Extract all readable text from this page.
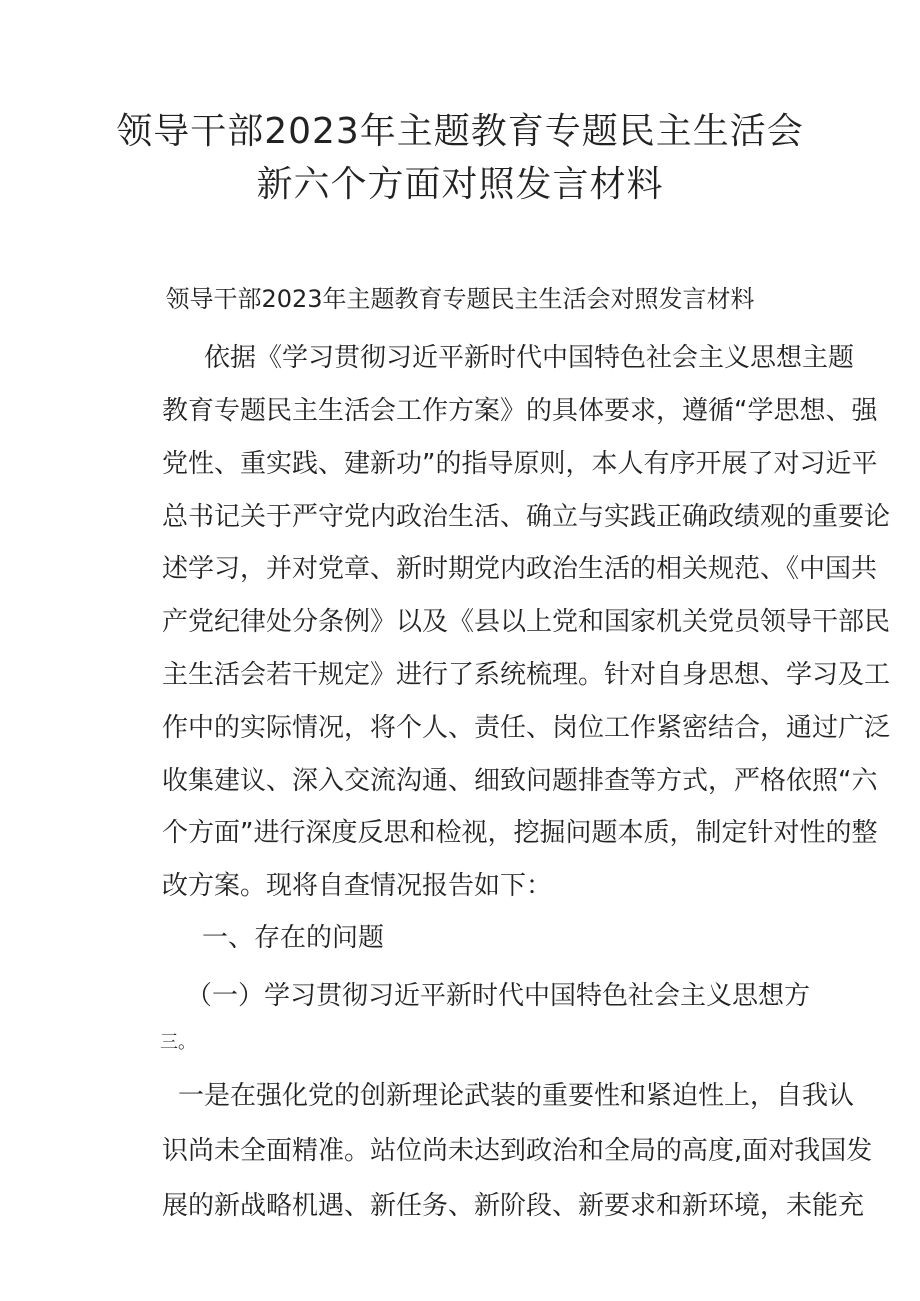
领导干部2023年主题教育专题民主生活会
新六个方面对照发言材料
领导干部2023年主题教育专题民主生活会对照发言材料
依据《学习贯彻习近平新时代中国特色社会主义思想主题
教育专题民主生活会工作方案》的具体要求，遵循“学思想、强
党性、重实践、建新功”的指导原则，本人有序开展了对习近平
总书记关于严守党内政治生活、确立与实践正确政绩观的重要论
述学习，并对党章、新时期党内政治生活的相关规范、《中国共
产党纪律处分条例》以及《县以上党和国家机关党员领导干部民
主生活会若干规定》进行了系统梳理。针对自身思想、学习及工
作中的实际情况，将个人、责任、岗位工作紧密结合，通过广泛
收集建议、深入交流沟通、细致问题排查等方式，严格依照“六
个方面”进行深度反思和检视，挖掘问题本质，制定针对性的整
改方案。现将自查情况报告如下：
一、存在的问题
（一）学习贯彻习近平新时代中国特色社会主义思想方
三。
一是在强化党的创新理论武装的重要性和紧迫性上，自我认
识尚未全面精准。站位尚未达到政治和全局的高度,面对我国发
展的新战略机遇、新任务、新阶段、新要求和新环境，未能充
